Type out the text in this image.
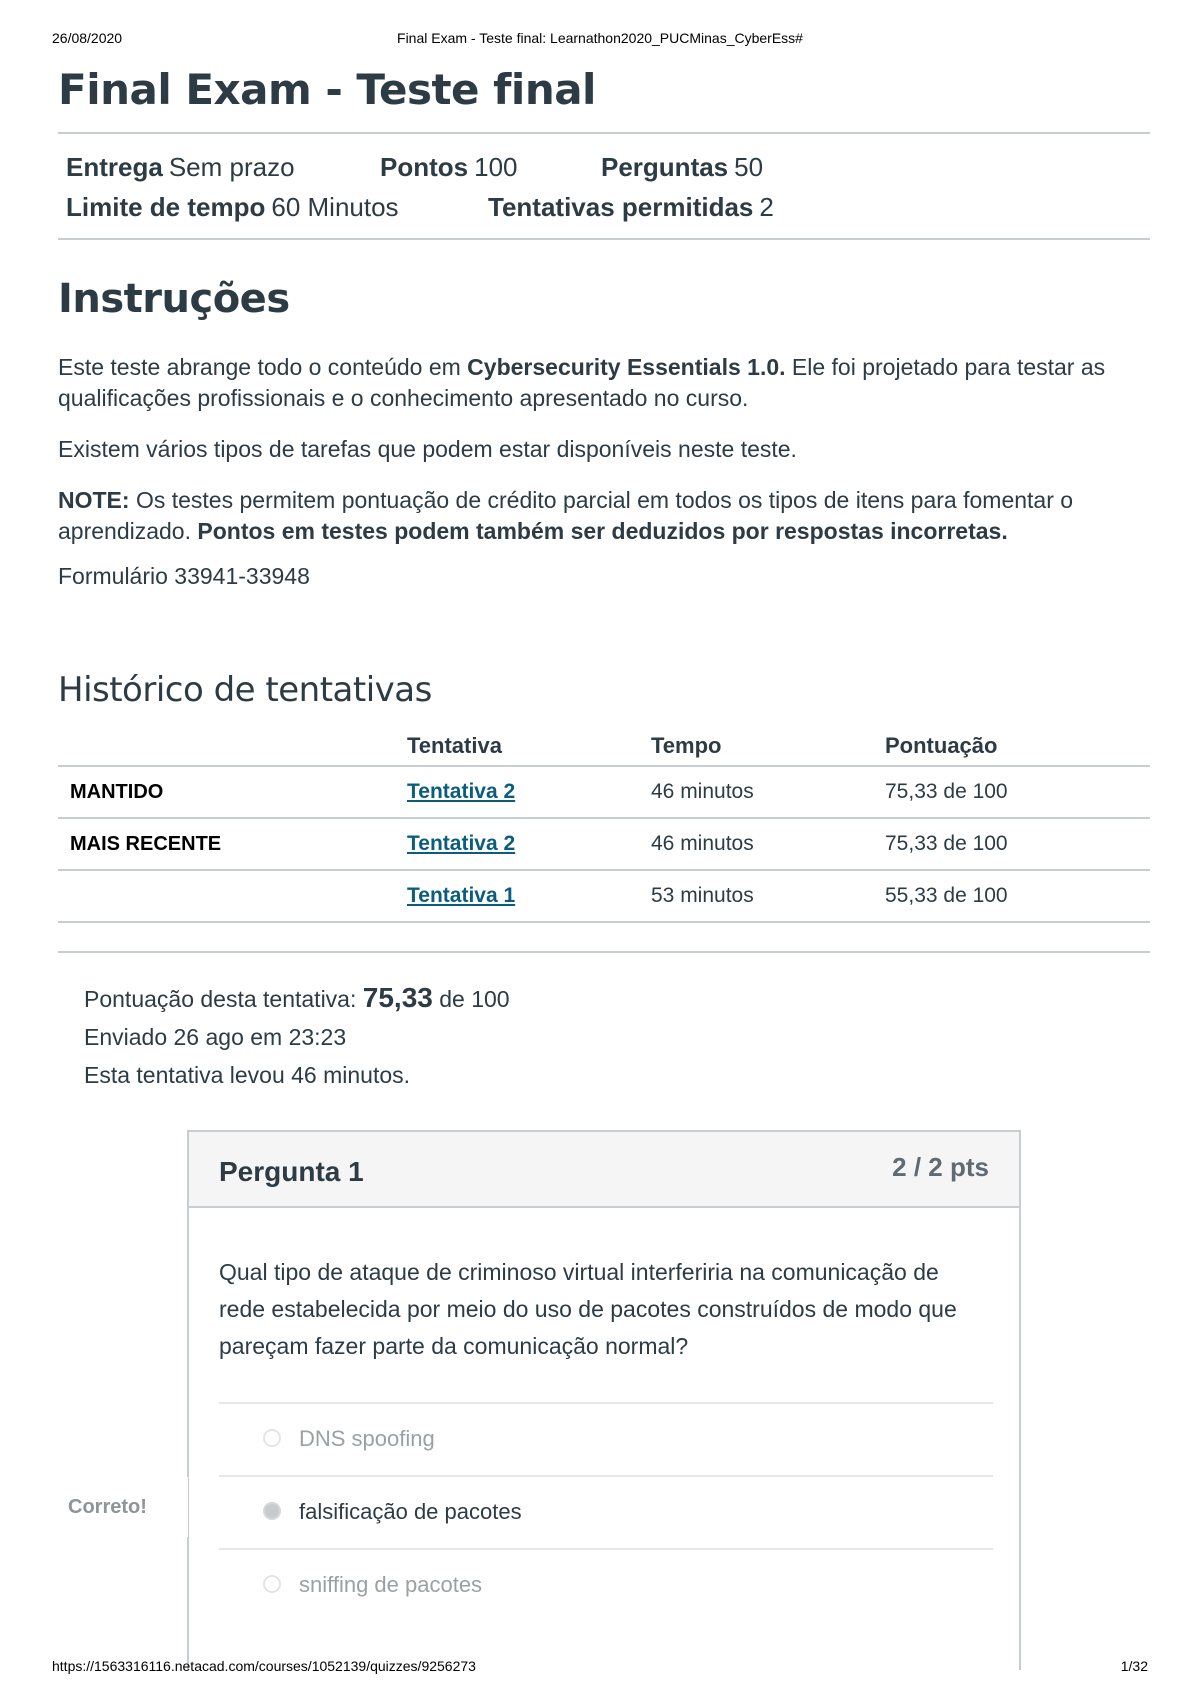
26/08/2020	Final Exam - Teste final: Learnathon2020_PUCMinas_CyberEss#
Final Exam - Teste final
Entrega Sem prazo	Pontos 100	Perguntas 50
Limite de tempo 60 Minutos	Tentativas permitidas 2
Instruções

Este teste abrange todo o conteúdo em Cybersecurity Essentials 1.0. Ele foi projetado para testar as qualificações profissionais e o conhecimento apresentado no curso.

Existem vários tipos de tarefas que podem estar disponíveis neste teste.

NOTE: Os testes permitem pontuação de crédito parcial em todos os tipos de itens para fomentar o aprendizado. Pontos em testes podem também ser deduzidos por respostas incorretas.

Formulário 33941-33948

Histórico de tentativas
	Tentativa	Tempo	Pontuação
MANTIDO	Tentativa 2	46 minutos	75,33 de 100
MAIS RECENTE	Tentativa 2	46 minutos	75,33 de 100
	Tentativa 1	53 minutos	55,33 de 100
Pontuação desta tentativa: 75,33 de 100
Enviado 26 ago em 23:23
Esta tentativa levou 46 minutos.
Pergunta 1	2 / 2 pts
Qual tipo de ataque de criminoso virtual interferiria na comunicação de rede estabelecida por meio do uso de pacotes construídos de modo que pareçam fazer parte da comunicação normal?
DNS spoofing
falsificação de pacotes
sniffing de pacotes
Correto!
https://1563316116.netacad.com/courses/1052139/quizzes/9256273	1/32
